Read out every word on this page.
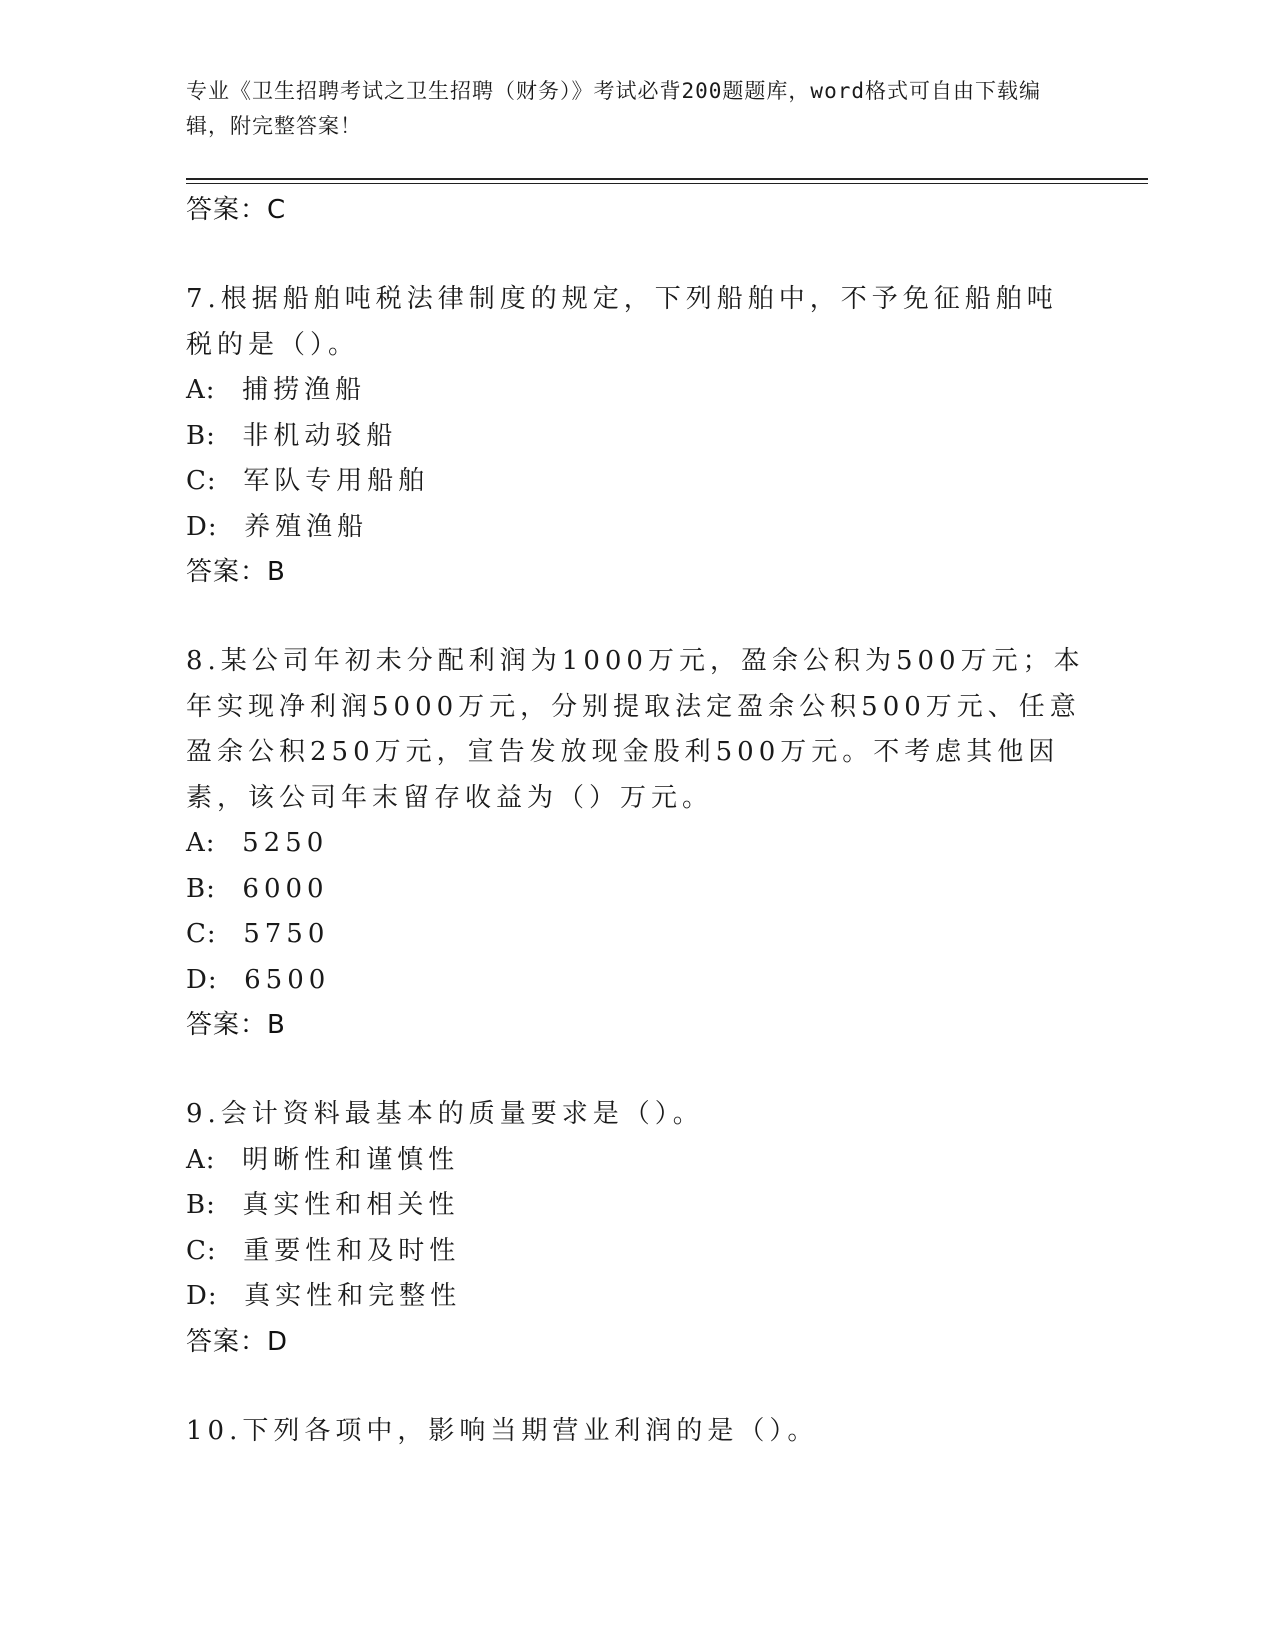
专业《卫生招聘考试之卫生招聘（财务）》考试必背200题题库，word格式可自由下载编辑，附完整答案！
答案：C
7.根据船舶吨税法律制度的规定，下列船舶中，不予免征船舶吨税的是（）。
A: 捕捞渔船
B: 非机动驳船
C: 军队专用船舶
D: 养殖渔船
答案：B
8.某公司年初未分配利润为1000万元，盈余公积为500万元；本年实现净利润5000万元，分别提取法定盈余公积500万元、任意盈余公积250万元，宣告发放现金股利500万元。不考虑其他因素，该公司年末留存收益为（）万元。
A: 5250
B: 6000
C: 5750
D: 6500
答案：B
9.会计资料最基本的质量要求是（）。
A: 明晰性和谨慎性
B: 真实性和相关性
C: 重要性和及时性
D: 真实性和完整性
答案：D
10.下列各项中，影响当期营业利润的是（）。
